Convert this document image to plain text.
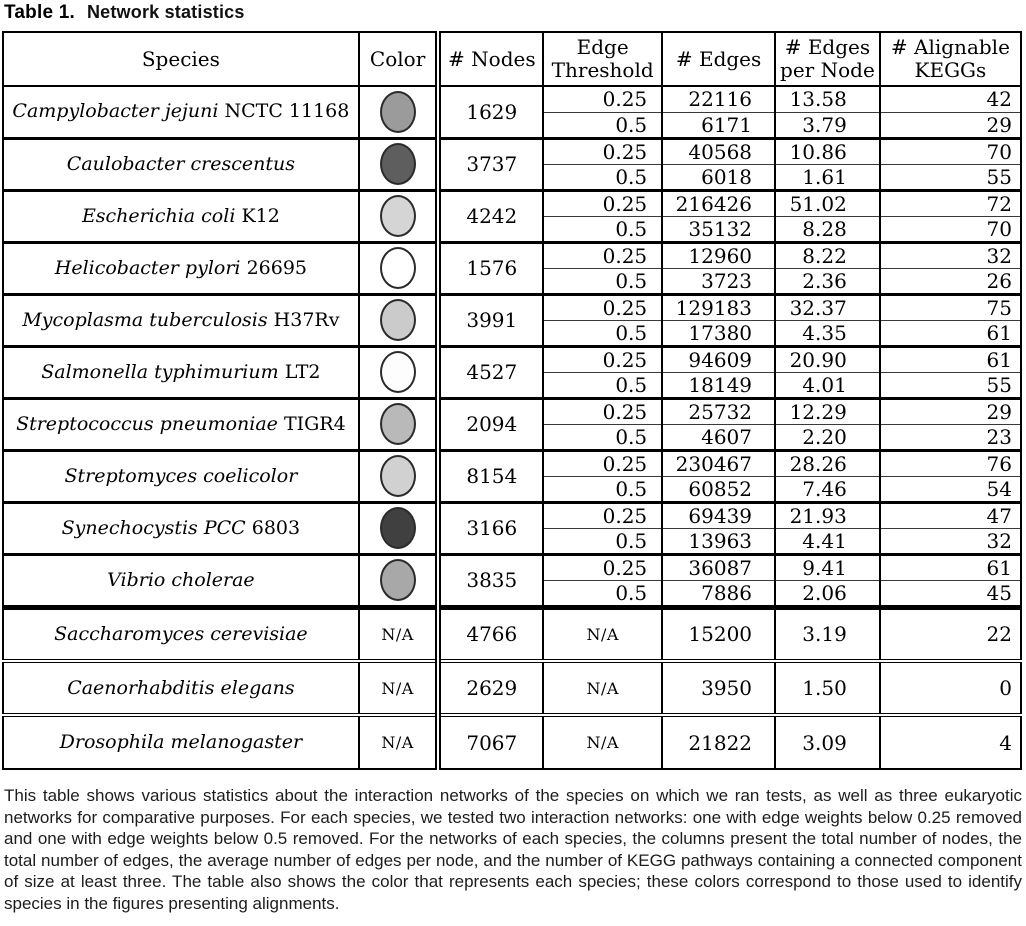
Table 1. Network statistics
Species	Color	# Nodes	Edge Threshold	# Edges	# Edges per Node	# Alignable KEGGs
Campylobacter jejuni NCTC 11168		1629	0.25	22116	13.58	42
			0.5	6171	3.79	29
Caulobacter crescentus		3737	0.25	40568	10.86	70
			0.5	6018	1.61	55
Escherichia coli K12		4242	0.25	216426	51.02	72
			0.5	35132	8.28	70
Helicobacter pylori 26695		1576	0.25	12960	8.22	32
			0.5	3723	2.36	26
Mycoplasma tuberculosis H37Rv		3991	0.25	129183	32.37	75
			0.5	17380	4.35	61
Salmonella typhimurium LT2		4527	0.25	94609	20.90	61
			0.5	18149	4.01	55
Streptococcus pneumoniae TIGR4		2094	0.25	25732	12.29	29
			0.5	4607	2.20	23
Streptomyces coelicolor		8154	0.25	230467	28.26	76
			0.5	60852	7.46	54
Synechocystis PCC 6803		3166	0.25	69439	21.93	47
			0.5	13963	4.41	32
Vibrio cholerae		3835	0.25	36087	9.41	61
			0.5	7886	2.06	45
Saccharomyces cerevisiae	N/A	4766	N/A	15200	3.19	22
Caenorhabditis elegans	N/A	2629	N/A	3950	1.50	0
Drosophila melanogaster	N/A	7067	N/A	21822	3.09	4

This table shows various statistics about the interaction networks of the species on which we ran tests, as well as three eukaryotic networks for comparative purposes. For each species, we tested two interaction networks: one with edge weights below 0.25 removed and one with edge weights below 0.5 removed. For the networks of each species, the columns present the total number of nodes, the total number of edges, the average number of edges per node, and the number of KEGG pathways containing a connected component of size at least three. The table also shows the color that represents each species; these colors correspond to those used to identify species in the figures presenting alignments.
